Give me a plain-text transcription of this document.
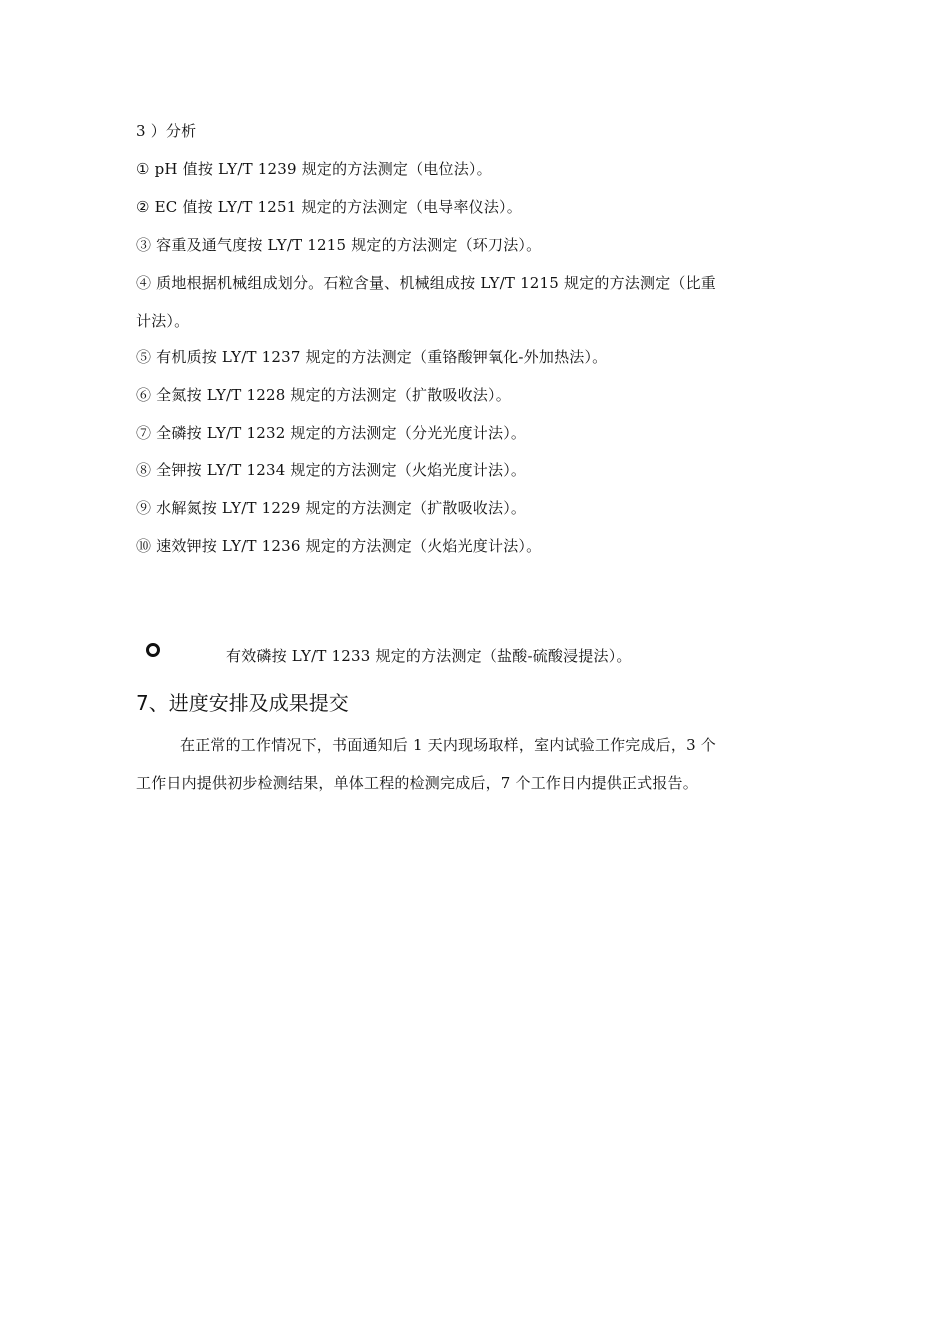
3 ）分析
① pH 值按 LY/T 1239 规定的方法测定（电位法）。
② EC 值按 LY/T 1251 规定的方法测定（电导率仪法）。
③ 容重及通气度按 LY/T 1215 规定的方法测定（环刀法）。
④ 质地根据机械组成划分。石粒含量、机械组成按 LY/T 1215 规定的方法测定（比重
计法）。
⑤ 有机质按 LY/T 1237 规定的方法测定（重铬酸钾氧化-外加热法）。
⑥ 全氮按 LY/T 1228 规定的方法测定（扩散吸收法）。
⑦ 全磷按 LY/T 1232 规定的方法测定（分光光度计法）。
⑧ 全钾按 LY/T 1234 规定的方法测定（火焰光度计法）。
⑨ 水解氮按 LY/T 1229 规定的方法测定（扩散吸收法）。
⑩ 速效钾按 LY/T 1236 规定的方法测定（火焰光度计法）。
有效磷按 LY/T 1233 规定的方法测定（盐酸-硫酸浸提法）。
7、进度安排及成果提交
在正常的工作情况下，书面通知后 1 天内现场取样，室内试验工作完成后，3 个
工作日内提供初步检测结果，单体工程的检测完成后，7 个工作日内提供正式报告。
